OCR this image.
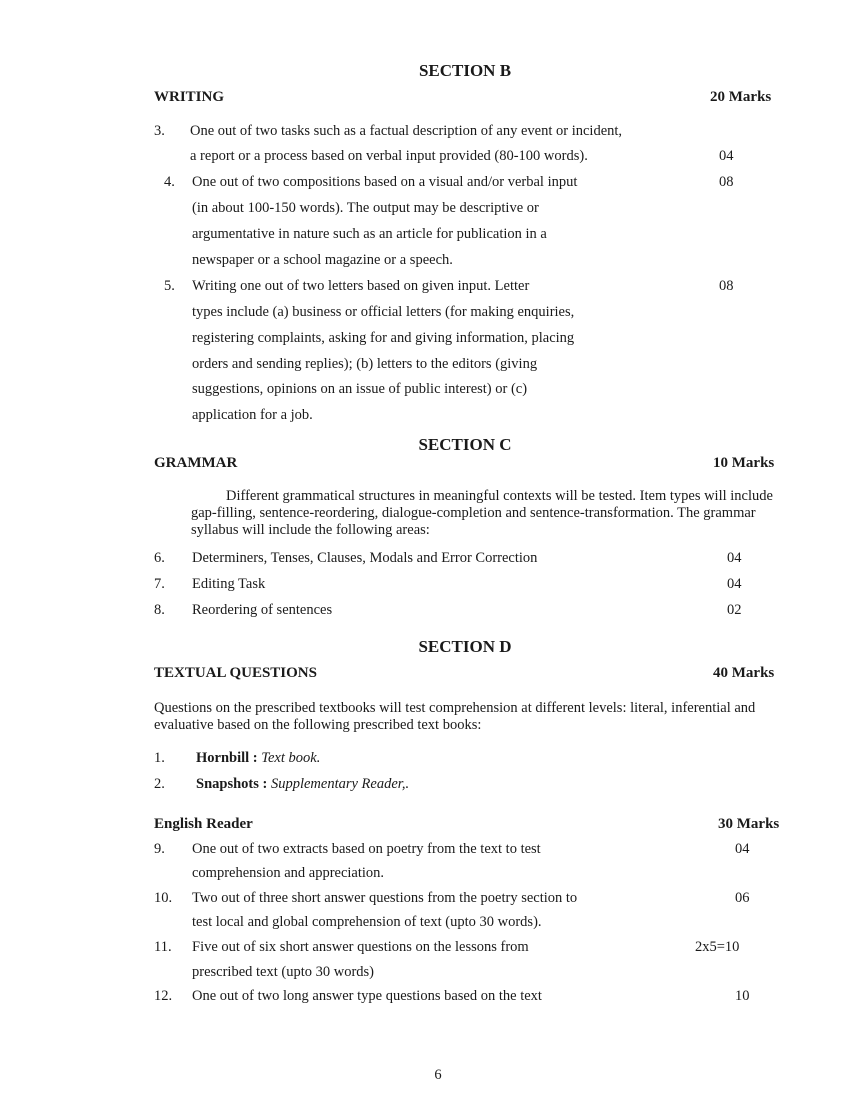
SECTION B
WRITING	20 Marks
3. One out of two tasks such as a factual description of any event or incident,
a report or a process based on verbal input provided (80-100 words).	04
4. One out of two compositions based on a visual and/or verbal input
(in about 100-150 words). The output may be descriptive or
argumentative in nature such as an article for publication in a
newspaper or a school magazine or a speech.
08
5. Writing one out of two letters based on given input. Letter
types include (a) business or official letters (for making enquiries,
registering complaints, asking for and giving information, placing
orders and sending replies); (b) letters to the editors (giving
suggestions, opinions on an issue of public interest) or (c)
application for a job.
08
SECTION C
GRAMMAR	10 Marks
Different grammatical structures in meaningful contexts will be tested. Item types will include gap-filling, sentence-reordering, dialogue-completion and sentence-transformation. The grammar syllabus will include the following areas:
6. Determiners, Tenses, Clauses, Modals and Error Correction	04
7. Editing Task	04
8. Reordering of sentences	02
SECTION D
TEXTUAL QUESTIONS	40 Marks
Questions on the prescribed textbooks will test comprehension at different levels: literal, inferential and evaluative based on the following prescribed text books:
1. Hornbill : Text book.
2. Snapshots : Supplementary Reader,.
English Reader	30 Marks
9. One out of two extracts based on poetry from the text to test
comprehension and appreciation.
04
10. Two out of three short answer questions from the poetry section to
test local and global comprehension of text (upto 30 words).
06
11. Five out of six short answer questions on the lessons from
prescribed text (upto 30 words)
2x5=10
12. One out of two long answer type questions based on the text	10
6
